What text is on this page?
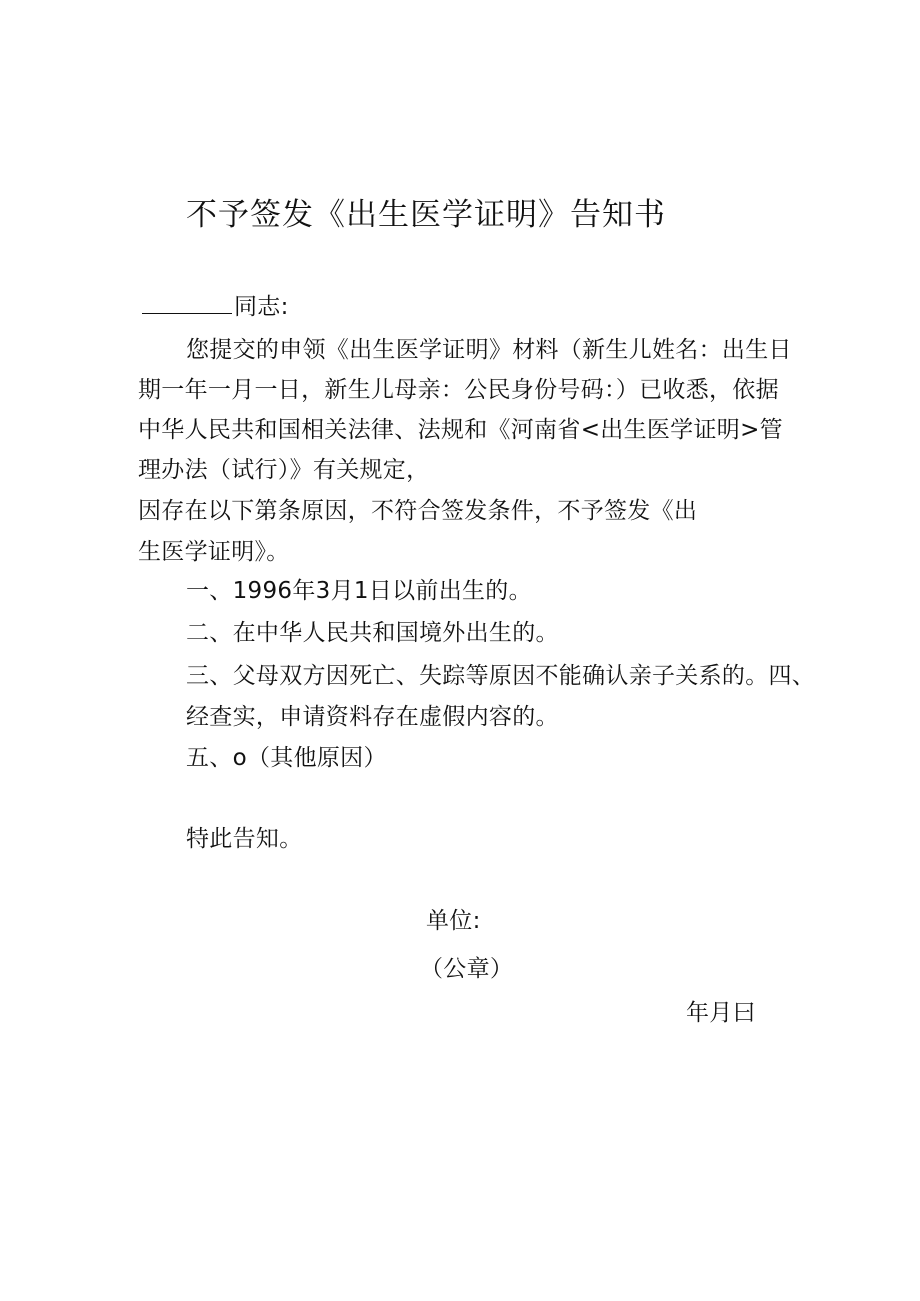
不予签发《出生医学证明》告知书
同志:
您提交的申领《出生医学证明》材料（新生儿姓名：出生日
期一年一月一日，新生儿母亲：公民身份号码：）已收悉，依据
中华人民共和国相关法律、法规和《河南省<出生医学证明>管
理办法（试行）》有关规定，
因存在以下第条原因，不符合签发条件，不予签发《出
生医学证明》。
一、1996年3月1日以前出生的。
二、在中华人民共和国境外出生的。
三、父母双方因死亡、失踪等原因不能确认亲子关系的。四、
经查实，申请资料存在虚假内容的。
五、o（其他原因）
特此告知。
单位:
（公章）
年月曰
